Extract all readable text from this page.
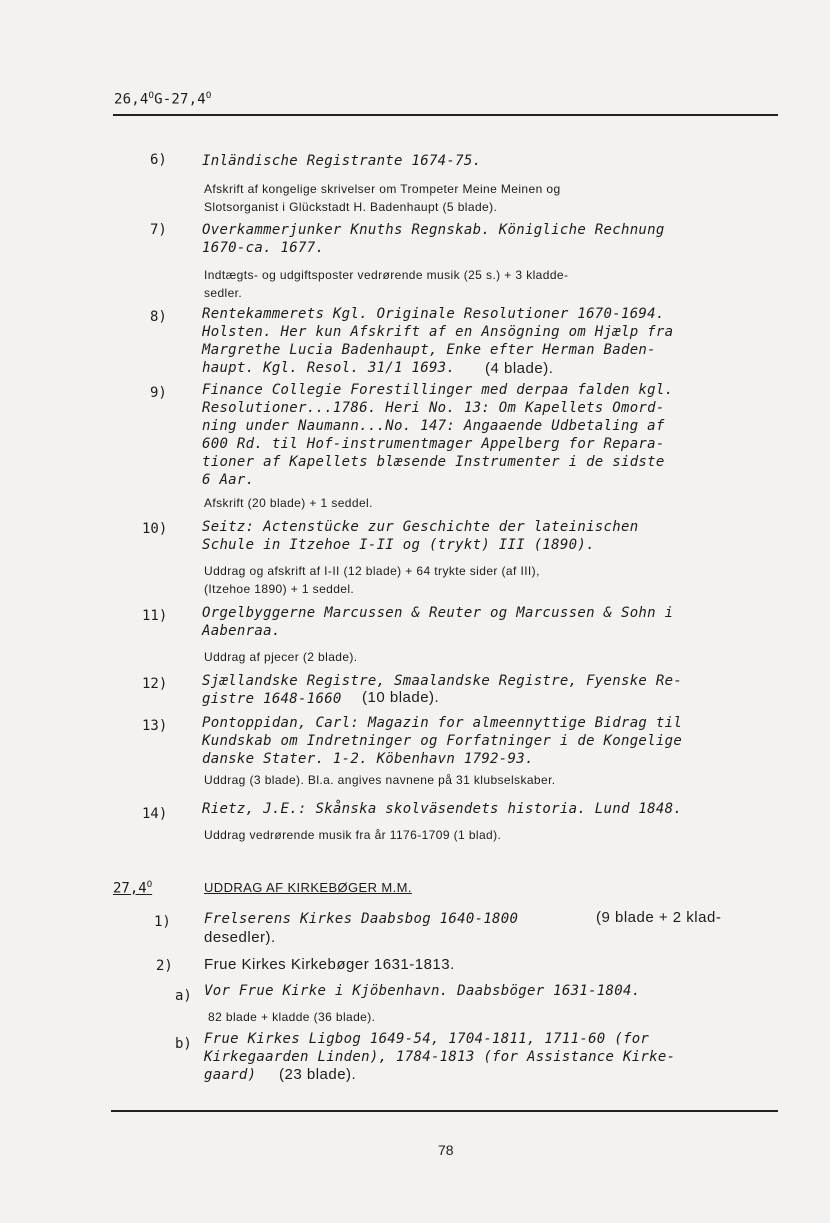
$26,4^OG-27,4^O$
6)	Inländische Registrante 1674-75.
Afskrift af kongelige skrivelser om Trompeter Meine Meinen og
Slotsorganist i Glückstadt H. Badenhaupt (5 blade).
7)	Overkammerjunker Knuths Regnskab. Königliche Rechnung
1670-ca. 1677.
Indtægts- og udgiftsposter vedrørende musik (25 s.) + 3 kladde-
sedler.
8)	Rentekammerets Kgl. Originale Resolutioner 1670-1694.
Holsten. Her kun Afskrift af en Ansögning om Hjælp fra
Margrethe Lucia Badenhaupt, Enke efter Herman Baden-
haupt. Kgl. Resol. 31/1 1693.	(4 blade).
9)	Finance Collegie Forestillinger med derpaa falden kgl.
Resolutioner...1786. Heri No. 13: Om Kapellets Omord-
ning under Naumann...No. 147: Angaaende Udbetaling af
600 Rd. til Hof-instrumentmager Appelberg for Repara-
tioner af Kapellets blæsende Instrumenter i de sidste
6 Aar.
Afskrift (20 blade) + 1 seddel.
10) Seitz: Actenstücke zur Geschichte der lateinischen
Schule in Itzehoe I-II og (trykt) III (1890).
Uddrag og afskrift af I-II (12 blade) + 64 trykte sider (af III),
(Itzehoe 1890) + 1 seddel.
11) Orgelbyggerne Marcussen & Reuter og Marcussen & Sohn i
Aabenraa.
Uddrag af pjecer (2 blade).
12) Sjællandske Registre, Smaalandske Registre, Fyenske Re-
gistre 1648-1660	(10 blade).
13) Pontoppidan, Carl: Magazin for almeennyttige Bidrag til
Kundskab om Indretninger og Forfatninger i de Kongelige
danske Stater. 1-2. Köbenhavn 1792-93.
Uddrag (3 blade). Bl.a. angives navnene på 31 klubselskaber.
14) Rietz, J.E.: Skånska skolväsendets historia. Lund 1848.
Uddrag vedrørende musik fra år 1176-1709 (1 blad).
$27,4^O$	UDDRAG AF KIRKEBØGER M.M.
1) Frelserens Kirkes Daabsbog 1640-1800	(9 blade + 2 klad-
desedler).
2) Frue Kirkes Kirkebøger 1631-1813.
a) Vor Frue Kirke i Kjöbenhavn. Daabsböger 1631-1804.
82 blade + kladde (36 blade).
b) Frue Kirkes Ligbog 1649-54, 1704-1811, 1711-60 (for
Kirkegaarden Linden), 1784-1813 (for Assistance Kirke-
gaard)	(23 blade).
78
